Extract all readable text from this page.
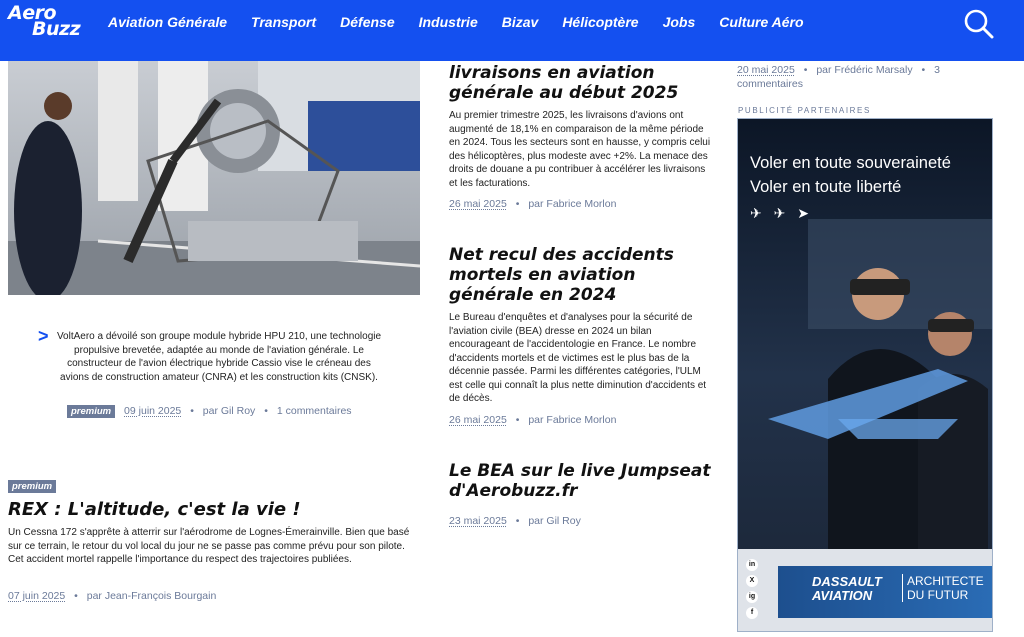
Aero
Buzz	Aviation Générale Transport Défense Industrie Bizav Hélicoptère Jobs Culture Aéro
> VoltAero a dévoilé son groupe module hybride HPU 210, une technologie propulsive brevetée, adaptée au monde de l'aviation générale. Le constructeur de l'avion électrique hybride Cassio vise le créneau des avions de construction amateur (CNRA) et les construction kits (CNSK).
premium 09 juin 2025 • par Gil Roy • 1 commentaires
premium
REX : L'altitude, c'est la vie !
Un Cessna 172 s'apprête à atterrir sur l'aérodrome de Lognes-Émerainville. Bien que basé sur ce terrain, le retour du vol local du jour ne se passe pas comme prévu pour son pilote. Cet accident mortel rappelle l'importance du respect des trajectoires publiées.
07 juin 2025 • par Jean-François Bourgain
livraisons en aviation générale au début 2025
Au premier trimestre 2025, les livraisons d'avions ont augmenté de 18,1% en comparaison de la même période en 2024. Tous les secteurs sont en hausse, y compris celui des hélicoptères, plus modeste avec +2%. La menace des droits de douane a pu contribuer à accélérer les livraisons et les facturations.
26 mai 2025 • par Fabrice Morlon
Net recul des accidents mortels en aviation générale en 2024
Le Bureau d'enquêtes et d'analyses pour la sécurité de l'aviation civile (BEA) dresse en 2024 un bilan encourageant de l'accidentologie en France. Le nombre d'accidents mortels et de victimes est le plus bas de la décennie passée. Parmi les différentes catégories, l'ULM est celle qui connaît la plus nette diminution d'accidents et de décès.
26 mai 2025 • par Fabrice Morlon
Le BEA sur le live Jumpseat d'Aerobuzz.fr
23 mai 2025 • par Gil Roy
20 mai 2025 • par Frédéric Marsaly • 3 commentaires
PUBLICITÉ PARTENAIRES
Voler en toute souveraineté
Voler en toute liberté
✈ ✈ ➤
in
X
ig
f
DASSAULT
AVIATION
ARCHITECTE
DU FUTUR
